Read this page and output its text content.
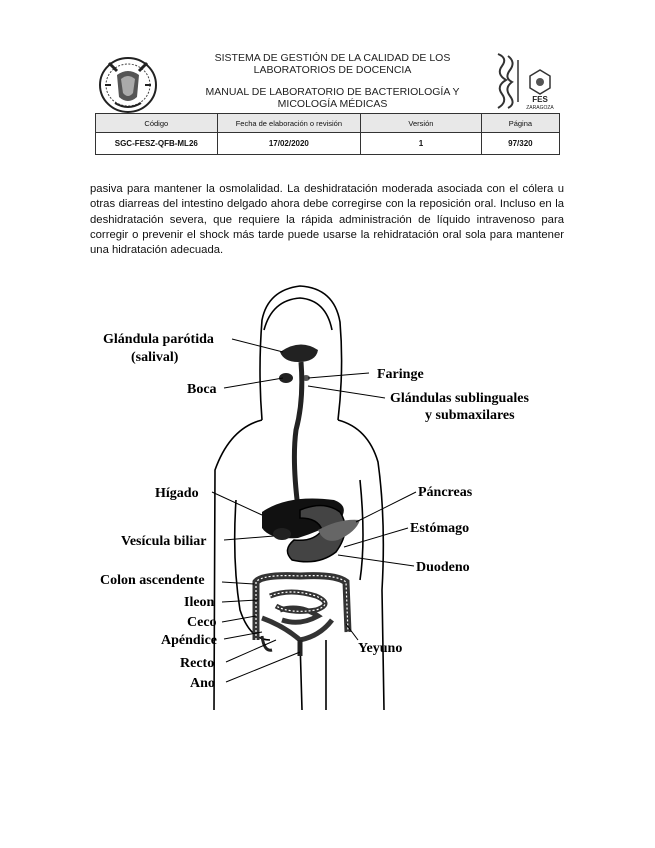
SISTEMA DE GESTIÓN DE LA CALIDAD DE LOS LABORATORIOS DE DOCENCIA
MANUAL DE LABORATORIO DE BACTERIOLOGÍA Y MICOLOGÍA MÉDICAS	FES
ZARAGOZA
Código	Fecha de elaboración o revisión	Versión	Página
SGC-FESZ-QFB-ML26	17/02/2020	1	97/320

pasiva para mantener la osmolalidad. La deshidratación moderada asociada con el cólera u otras diarreas del intestino delgado ahora debe corregirse con la reposición oral. Incluso en la deshidratación severa, que requiere la rápida administración de líquido intravenoso para corregir o prevenir el shock más tarde puede usarse la rehidratación oral sola para mantener una hidratación adecuada.

Glándula parótida
(salival)
Boca
Faringe
Glándulas sublinguales
y submaxilares
Hígado	Páncreas
Vesícula biliar
Estómago
Duodeno
Colon ascendente
Ileon
Ceco
Apéndice
Yeyuno
Recto
Ano
